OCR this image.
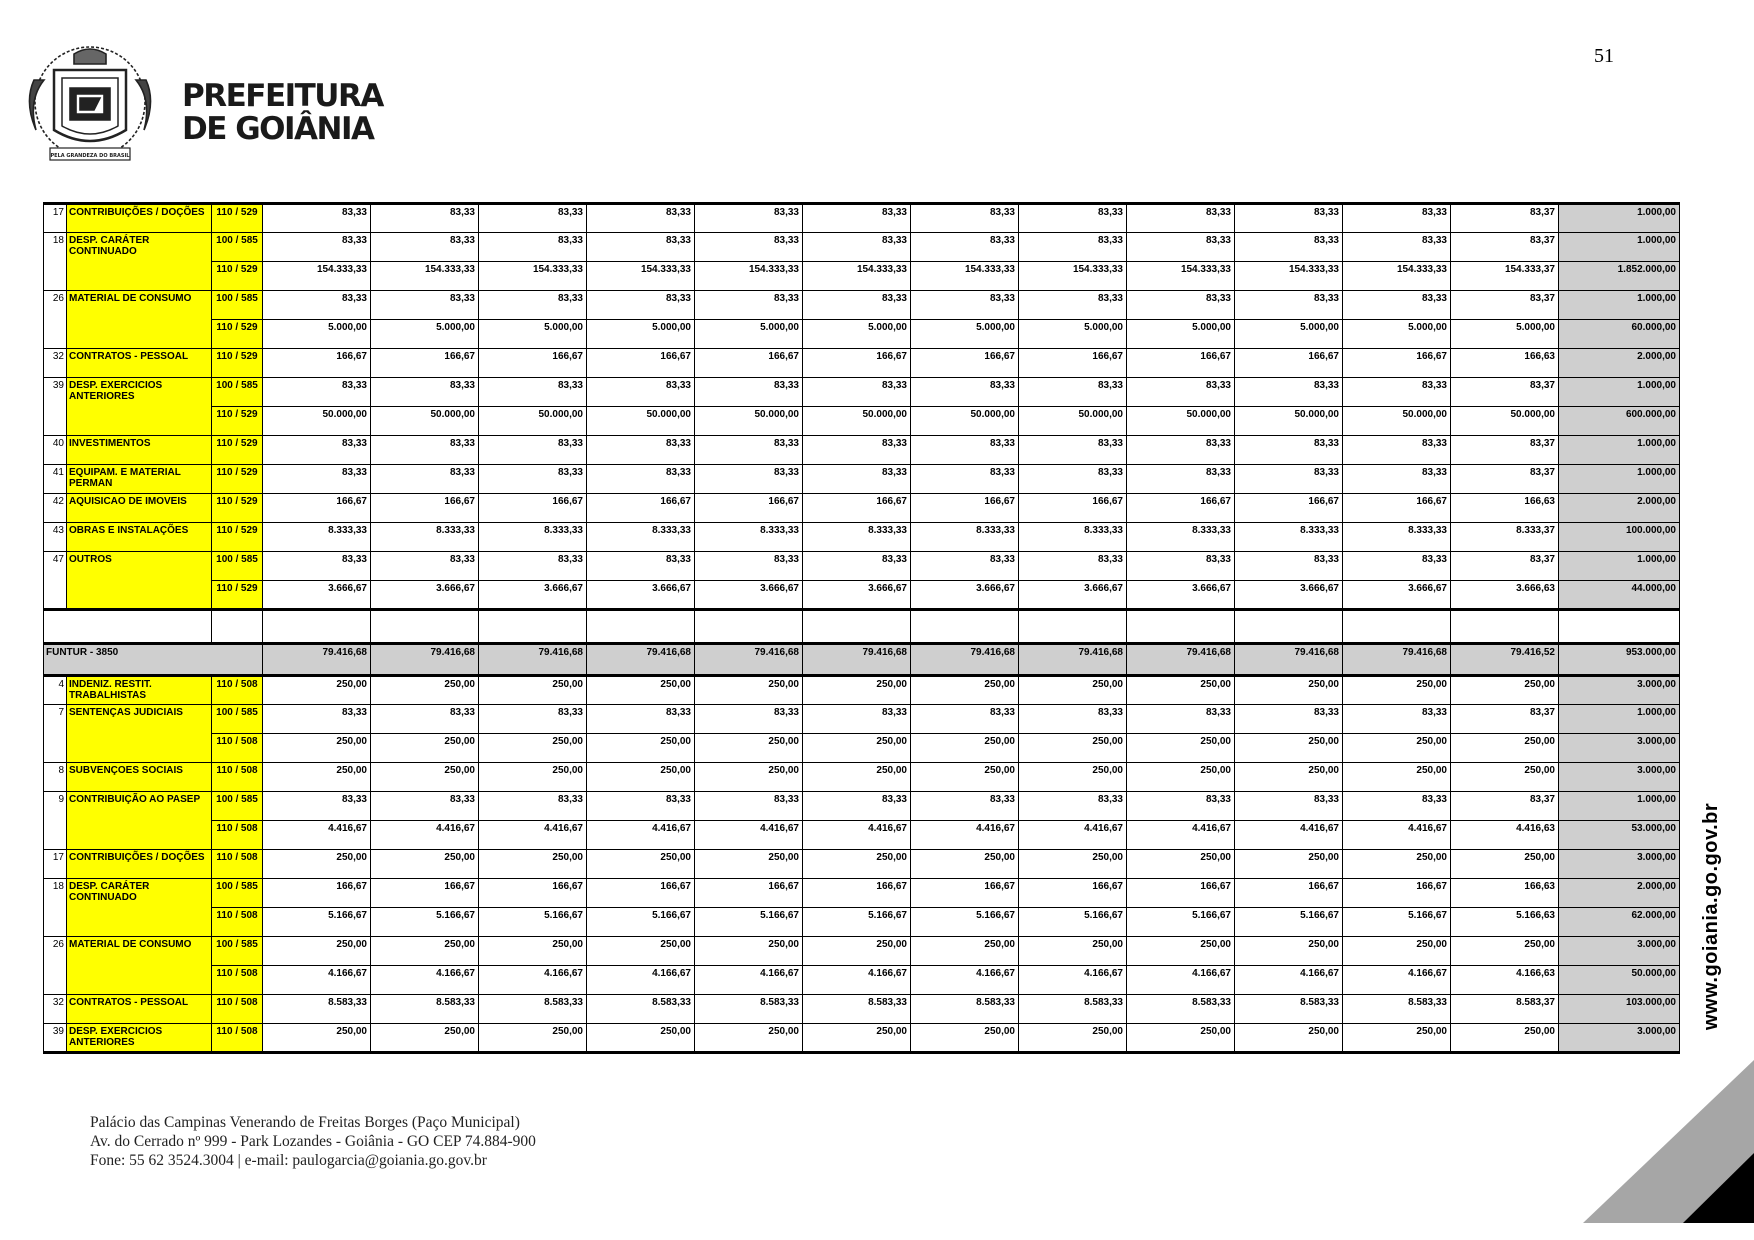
51
PELA GRANDEZA DO BRASIL
PREFEITURA
DE GOIÂNIA
17 CONTRIBUIÇÕES / DOÇÕES	110 / 529	83,33	83,33	83,33	83,33	83,33	83,33	83,33	83,33	83,33	83,33	83,33	83,37	1.000,00

18 DESP. CARÁTER CONTINUADO	100 / 585	83,33	83,33	83,33	83,33	83,33	83,33	83,33	83,33	83,33	83,33	83,33	83,37	1.000,00

	110 / 529	154.333,33	154.333,33	154.333,33	154.333,33	154.333,33	154.333,33	154.333,33	154.333,33	154.333,33	154.333,33	154.333,33	154.333,37	1.852.000,00

26 MATERIAL DE CONSUMO	100 / 585	83,33	83,33	83,33	83,33	83,33	83,33	83,33	83,33	83,33	83,33	83,33	83,37	1.000,00

	110 / 529	5.000,00	5.000,00	5.000,00	5.000,00	5.000,00	5.000,00	5.000,00	5.000,00	5.000,00	5.000,00	5.000,00	5.000,00	60.000,00

32 CONTRATOS - PESSOAL	110 / 529	166,67	166,67	166,67	166,67	166,67	166,67	166,67	166,67	166,67	166,67	166,67	166,63	2.000,00

39 DESP. EXERCICIOS ANTERIORES	100 / 585	83,33	83,33	83,33	83,33	83,33	83,33	83,33	83,33	83,33	83,33	83,33	83,37	1.000,00

	110 / 529	50.000,00	50.000,00	50.000,00	50.000,00	50.000,00	50.000,00	50.000,00	50.000,00	50.000,00	50.000,00	50.000,00	50.000,00	600.000,00

40 INVESTIMENTOS	110 / 529	83,33	83,33	83,33	83,33	83,33	83,33	83,33	83,33	83,33	83,33	83,33	83,37	1.000,00

41 EQUIPAM. E MATERIAL PERMAN	110 / 529	83,33	83,33	83,33	83,33	83,33	83,33	83,33	83,33	83,33	83,33	83,33	83,37	1.000,00

42 AQUISICAO DE IMOVEIS	110 / 529	166,67	166,67	166,67	166,67	166,67	166,67	166,67	166,67	166,67	166,67	166,67	166,63	2.000,00

43 OBRAS E INSTALAÇÕES	110 / 529	8.333,33	8.333,33	8.333,33	8.333,33	8.333,33	8.333,33	8.333,33	8.333,33	8.333,33	8.333,33	8.333,33	8.333,37	100.000,00

47 OUTROS	100 / 585	83,33	83,33	83,33	83,33	83,33	83,33	83,33	83,33	83,33	83,33	83,33	83,37	1.000,00

	110 / 529	3.666,67	3.666,67	3.666,67	3.666,67	3.666,67	3.666,67	3.666,67	3.666,67	3.666,67	3.666,67	3.666,67	3.666,63	44.000,00

FUNTUR - 3850		79.416,68	79.416,68	79.416,68	79.416,68	79.416,68	79.416,68	79.416,68	79.416,68	79.416,68	79.416,68	79.416,68	79.416,52	953.000,00

4 INDENIZ. RESTIT. TRABALHISTAS	110 / 508	250,00	250,00	250,00	250,00	250,00	250,00	250,00	250,00	250,00	250,00	250,00	250,00	3.000,00

7 SENTENÇAS JUDICIAIS	100 / 585	83,33	83,33	83,33	83,33	83,33	83,33	83,33	83,33	83,33	83,33	83,33	83,37	1.000,00

	110 / 508	250,00	250,00	250,00	250,00	250,00	250,00	250,00	250,00	250,00	250,00	250,00	250,00	3.000,00

8 SUBVENÇOES SOCIAIS	110 / 508	250,00	250,00	250,00	250,00	250,00	250,00	250,00	250,00	250,00	250,00	250,00	250,00	3.000,00

9 CONTRIBUIÇÃO AO PASEP	100 / 585	83,33	83,33	83,33	83,33	83,33	83,33	83,33	83,33	83,33	83,33	83,33	83,37	1.000,00

	110 / 508	4.416,67	4.416,67	4.416,67	4.416,67	4.416,67	4.416,67	4.416,67	4.416,67	4.416,67	4.416,67	4.416,67	4.416,63	53.000,00

17 CONTRIBUIÇÕES / DOÇÕES	110 / 508	250,00	250,00	250,00	250,00	250,00	250,00	250,00	250,00	250,00	250,00	250,00	250,00	3.000,00

18 DESP. CARÁTER CONTINUADO	100 / 585	166,67	166,67	166,67	166,67	166,67	166,67	166,67	166,67	166,67	166,67	166,67	166,63	2.000,00

	110 / 508	5.166,67	5.166,67	5.166,67	5.166,67	5.166,67	5.166,67	5.166,67	5.166,67	5.166,67	5.166,67	5.166,67	5.166,63	62.000,00

26 MATERIAL DE CONSUMO	100 / 585	250,00	250,00	250,00	250,00	250,00	250,00	250,00	250,00	250,00	250,00	250,00	250,00	3.000,00

	110 / 508	4.166,67	4.166,67	4.166,67	4.166,67	4.166,67	4.166,67	4.166,67	4.166,67	4.166,67	4.166,67	4.166,67	4.166,63	50.000,00

32 CONTRATOS - PESSOAL	110 / 508	8.583,33	8.583,33	8.583,33	8.583,33	8.583,33	8.583,33	8.583,33	8.583,33	8.583,33	8.583,33	8.583,33	8.583,37	103.000,00

39 DESP. EXERCICIOS ANTERIORES	110 / 508	250,00	250,00	250,00	250,00	250,00	250,00	250,00	250,00	250,00	250,00	250,00	250,00	3.000,00
Palácio das Campinas Venerando de Freitas Borges (Paço Municipal)
Av. do Cerrado nº 999 - Park Lozandes - Goiânia - GO CEP 74.884-900
Fone: 55 62 3524.3004 | e-mail: paulogarcia@goiania.go.gov.br
www.goiania.go.gov.br
